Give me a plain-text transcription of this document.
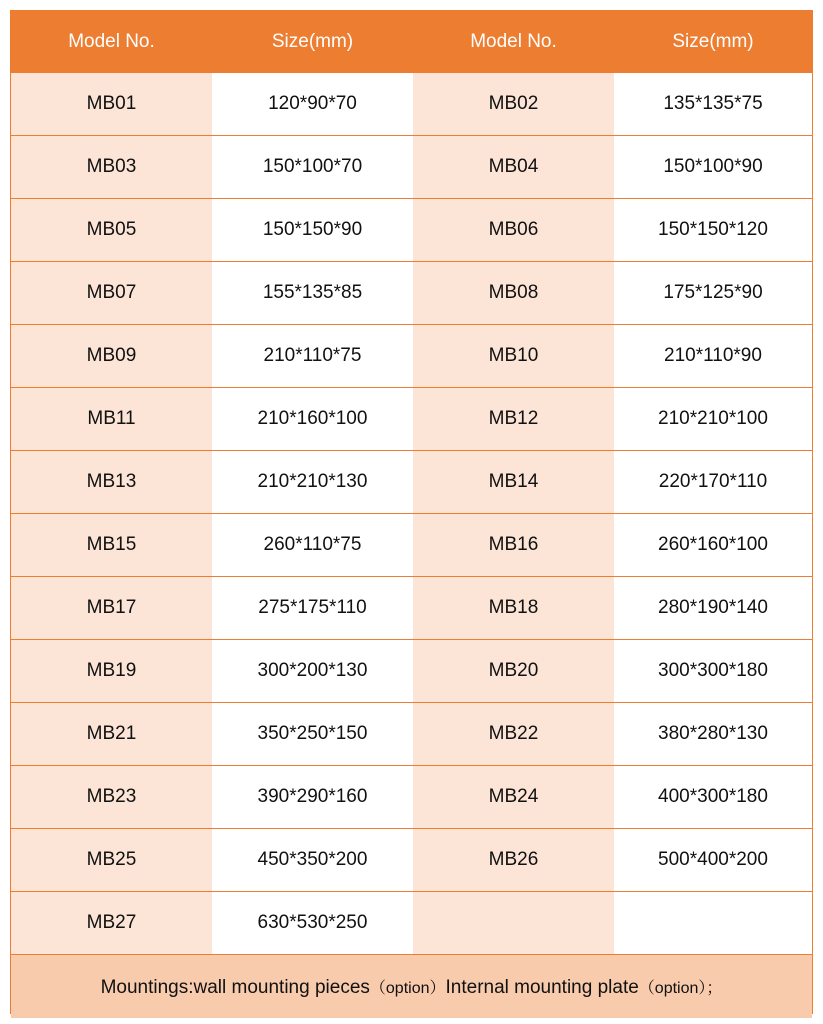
Model No.	Size(mm)	Model No.	Size(mm)
MB01	120*90*70	MB02	135*135*75
MB03	150*100*70	MB04	150*100*90
MB05	150*150*90	MB06	150*150*120
MB07	155*135*85	MB08	175*125*90
MB09	210*110*75	MB10	210*110*90
MB11	210*160*100	MB12	210*210*100
MB13	210*210*130	MB14	220*170*110
MB15	260*110*75	MB16	260*160*100
MB17	275*175*110	MB18	280*190*140
MB19	300*200*130	MB20	300*300*180
MB21	350*250*150	MB22	380*280*130
MB23	390*290*160	MB24	400*300*180
MB25	450*350*200	MB26	500*400*200
MB27	630*530*250		
Mountings:wall mounting pieces（option）Internal mounting plate（option）；			
